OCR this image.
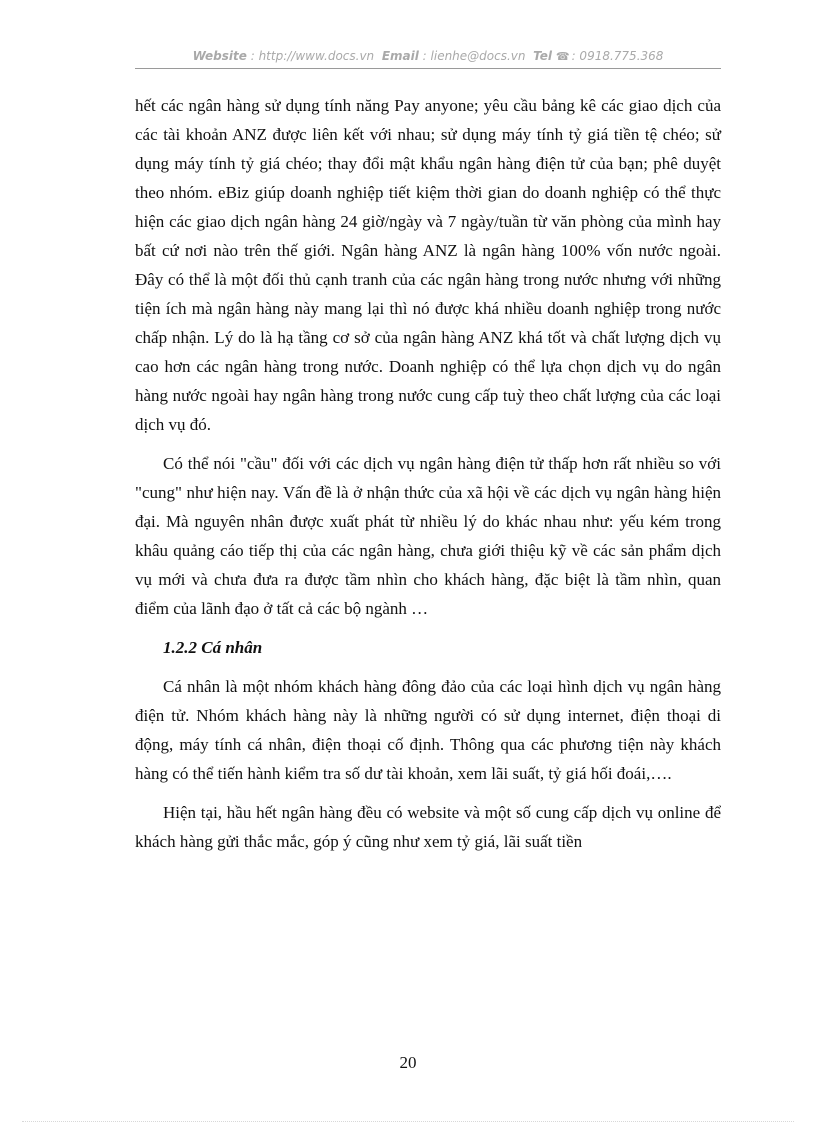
Website : http://www.docs.vn Email : lienhe@docs.vn Tel ☎ : 0918.775.368

hết các ngân hàng sử dụng tính năng Pay anyone; yêu cầu bảng kê các giao dịch của các tài khoản ANZ được liên kết với nhau; sử dụng máy tính tỷ giá tiền tệ chéo; sử dụng máy tính tỷ giá chéo; thay đổi mật khẩu ngân hàng điện tử của bạn; phê duyệt theo nhóm. eBiz giúp doanh nghiệp tiết kiệm thời gian do doanh nghiệp có thể thực hiện các giao dịch ngân hàng 24 giờ/ngày và 7 ngày/tuần từ văn phòng của mình hay bất cứ nơi nào trên thế giới. Ngân hàng ANZ là ngân hàng 100% vốn nước ngoài. Đây có thể là một đối thủ cạnh tranh của các ngân hàng trong nước nhưng với những tiện ích mà ngân hàng này mang lại thì nó được khá nhiều doanh nghiệp trong nước chấp nhận. Lý do là hạ tầng cơ sở của ngân hàng ANZ khá tốt và chất lượng dịch vụ cao hơn các ngân hàng trong nước. Doanh nghiệp có thể lựa chọn dịch vụ do ngân hàng nước ngoài hay ngân hàng trong nước cung cấp tuỳ theo chất lượng của các loại dịch vụ đó.

Có thể nói "cầu" đối với các dịch vụ ngân hàng điện tử thấp hơn rất nhiều so với "cung" như hiện nay. Vấn đề là ở nhận thức của xã hội về các dịch vụ ngân hàng hiện đại. Mà nguyên nhân được xuất phát từ nhiều lý do khác nhau như: yếu kém trong khâu quảng cáo tiếp thị của các ngân hàng, chưa giới thiệu kỹ về các sản phẩm dịch vụ mới và chưa đưa ra được tầm nhìn cho khách hàng, đặc biệt là tầm nhìn, quan điểm của lãnh đạo ở tất cả các bộ ngành …

1.2.2 Cá nhân

Cá nhân là một nhóm khách hàng đông đảo của các loại hình dịch vụ ngân hàng điện tử. Nhóm khách hàng này là những người có sử dụng internet, điện thoại di động, máy tính cá nhân, điện thoại cố định. Thông qua các phương tiện này khách hàng có thể tiến hành kiểm tra số dư tài khoản, xem lãi suất, tỷ giá hối đoái,….

Hiện tại, hầu hết ngân hàng đều có website và một số cung cấp dịch vụ online để khách hàng gửi thắc mắc, góp ý cũng như xem tỷ giá, lãi suất tiền

20
